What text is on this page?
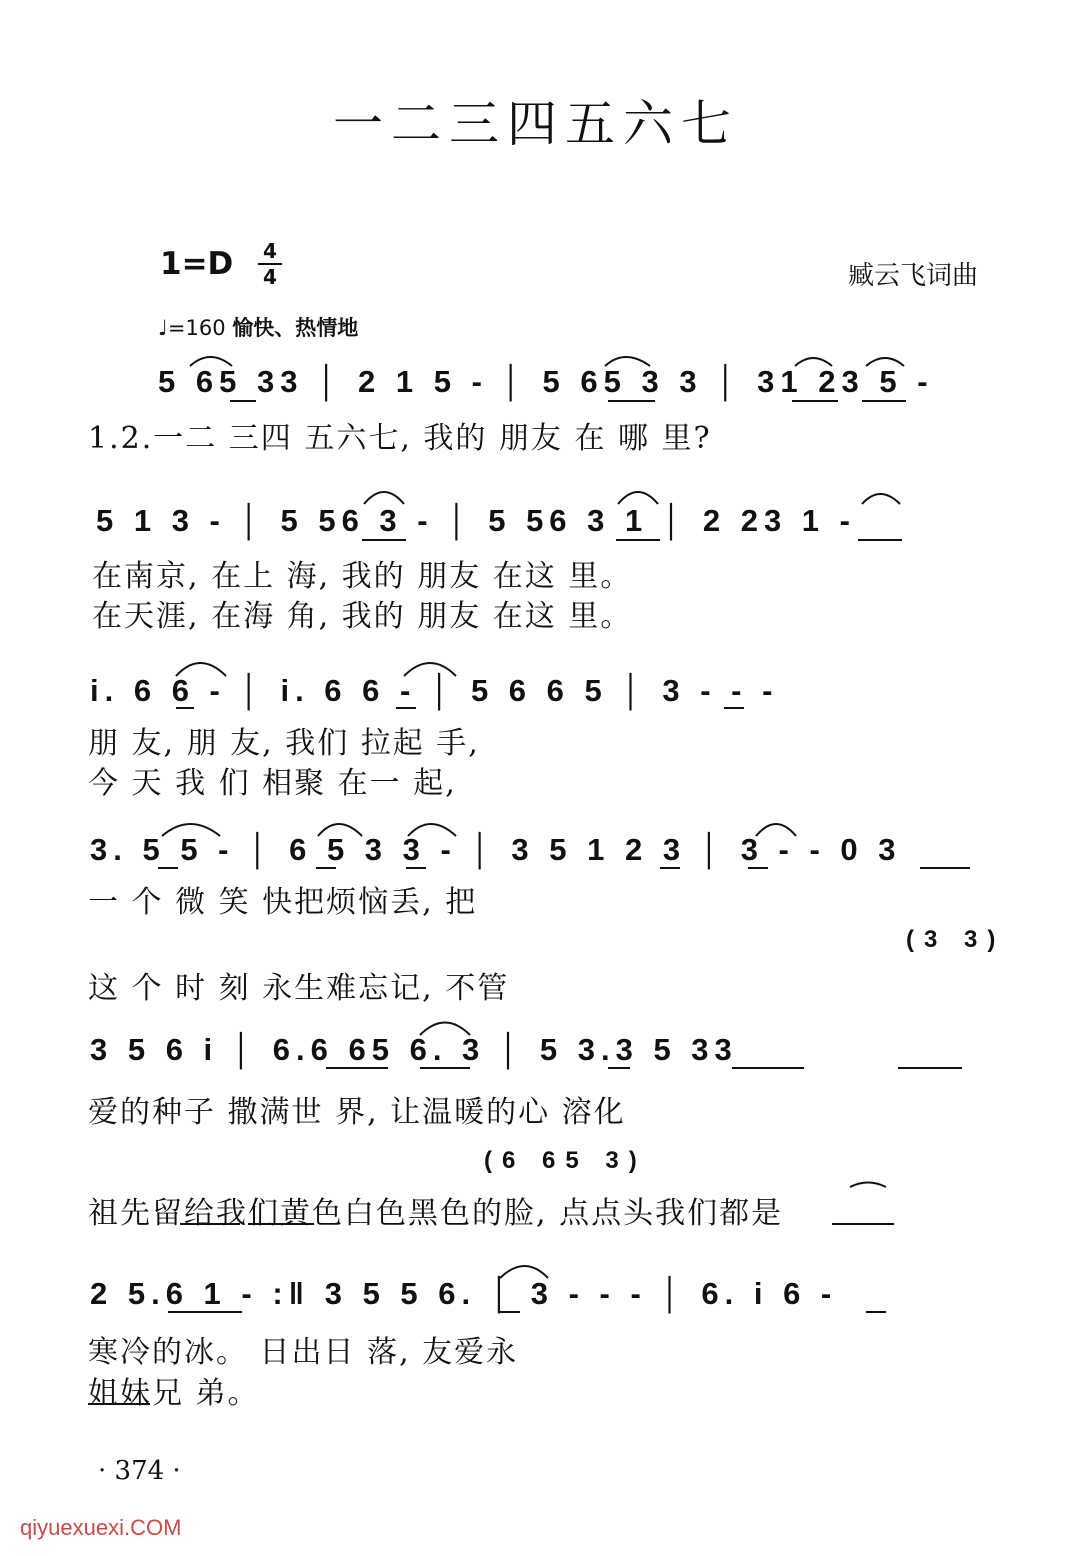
一二三四五六七
1=D 4
4	臧云飞词曲
♩=160 愉快、热情地
5 65 33 │ 2 1 5 - │ 5 65 3 3 │ 31 23 5 -
1.2.一二 三四 五六七, 我的 朋友 在 哪 里?
5 1 3 - │ 5 56 3 - │ 5 56 3 1 │ 2 23 1 -
在南京, 在上 海, 我的 朋友 在这 里。
在天涯, 在海 角, 我的 朋友 在这 里。
i. 6 6 - │ i. 6 6 - │ 5 6 6 5 │ 3 - - -
朋 友, 朋 友, 我们 拉起 手,
今 天 我 们 相聚 在一 起,
3. 5 5 - │ 6 5 3 3 - │ 3 5 1 2 3 │ 3 - - 0 3
一 个 微 笑 快把烦恼丢, 把
(3 3)
这 个 时 刻 永生难忘记, 不管
3 5 6 i │ 6.6 65 6. 3 │ 5 3.3 5 33
爱的种子 撒满世 界, 让温暖的心 溶化
(6 65 3)
祖先留给我们黄色白色黑色的脸, 点点头我们都是
2 5.6 1 - :‖ 3 5 5 6. │ 3 - - - │ 6. i 6 -
寒冷的冰。 日出日 落, 友爱永
姐妹兄 弟。
· 374 ·
qiyuexuexi.COM
